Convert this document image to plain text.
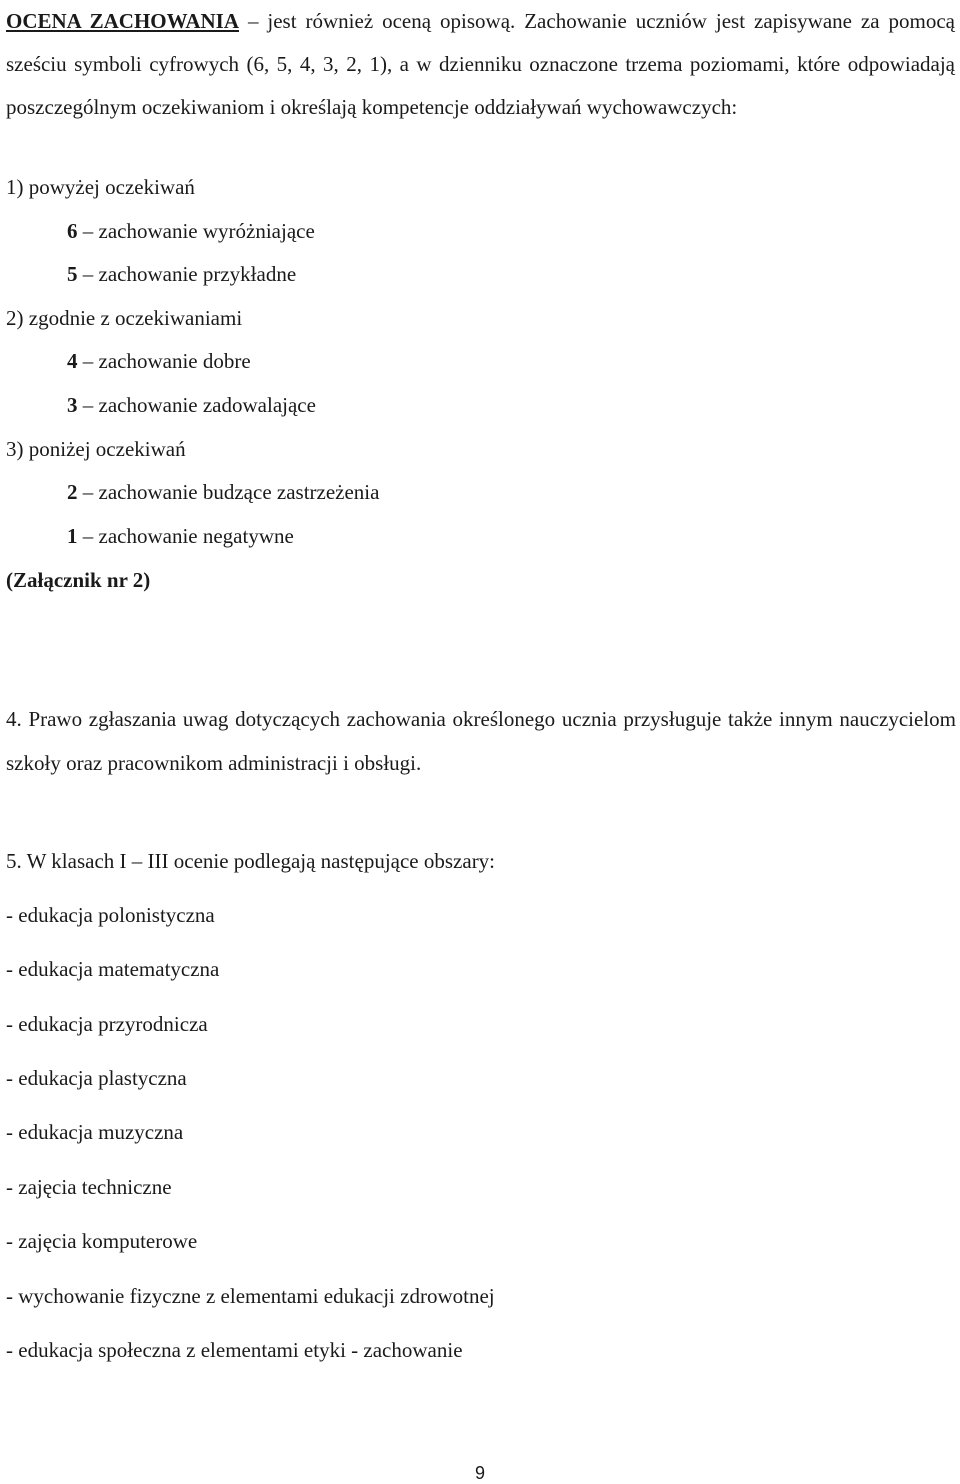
OCENA ZACHOWANIA – jest również oceną opisową. Zachowanie uczniów jest zapisywane za pomocą sześciu symboli cyfrowych (6, 5, 4, 3, 2, 1), a w dzienniku oznaczone trzema poziomami, które odpowiadają poszczególnym oczekiwaniom i określają kompetencje oddziaływań wychowawczych:
1) powyżej oczekiwań
6 – zachowanie wyróżniające
5 – zachowanie przykładne
2) zgodnie z oczekiwaniami
4 – zachowanie dobre
3 – zachowanie zadowalające
3) poniżej oczekiwań
2 – zachowanie budzące zastrzeżenia
1 – zachowanie negatywne
(Załącznik nr 2)
4. Prawo zgłaszania uwag dotyczących zachowania określonego ucznia przysługuje także innym nauczycielom szkoły oraz pracownikom administracji i obsługi.
5. W klasach I – III ocenie podlegają następujące obszary:
- edukacja polonistyczna
- edukacja matematyczna
- edukacja przyrodnicza
- edukacja plastyczna
- edukacja muzyczna
- zajęcia techniczne
- zajęcia komputerowe
- wychowanie fizyczne z elementami edukacji zdrowotnej
- edukacja społeczna z elementami etyki - zachowanie
9
